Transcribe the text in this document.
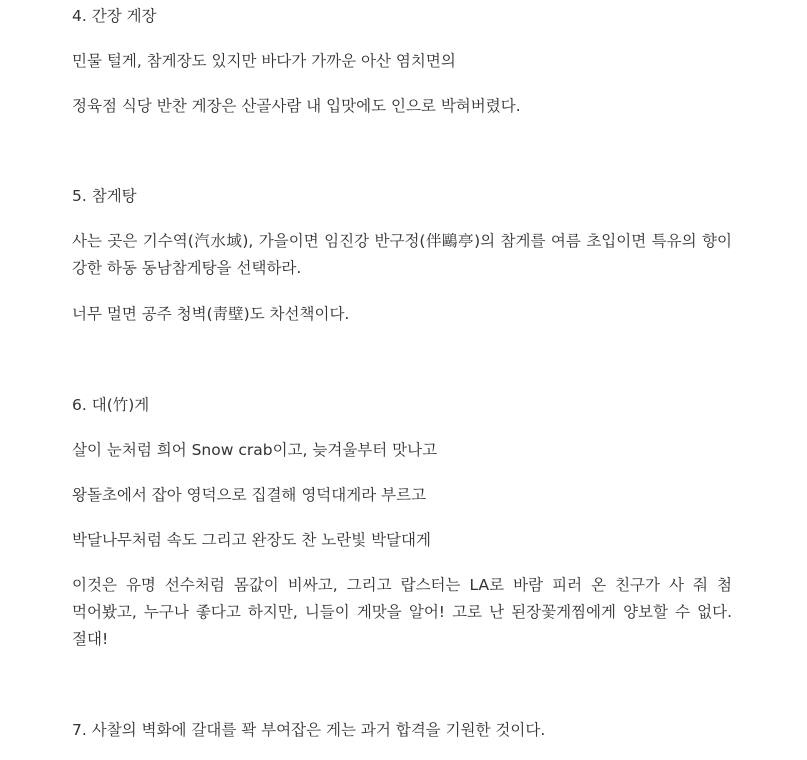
4. 간장 게장
민물 털게, 참게장도 있지만 바다가 가까운 아산 염치면의
정육점 식당 반찬 게장은 산골사람 내 입맛에도 인으로 박혀버렸다.
5. 참게탕
사는 곳은 기수역(汽水域), 가을이면 임진강 반구정(伴鷗亭)의 참게를 여름 초입이면 특유의 향이 강한 하동 동남참게탕을 선택하라.
너무 멀면 공주 청벽(靑壁)도 차선책이다.
6. 대(竹)게
살이 눈처럼 희어 Snow crab이고, 늦겨울부터 맛나고
왕돌초에서 잡아 영덕으로 집결해 영덕대게라 부르고
박달나무처럼 속도 그리고 완장도 찬 노란빛 박달대게
이것은 유명 선수처럼 몸값이 비싸고, 그리고 랍스터는 LA로 바람 피러 온 친구가 사 줘 첨 먹어봤고, 누구나 좋다고 하지만, 니들이 게맛을 알어! 고로 난 된장꽃게찜에게 양보할 수 없다. 절대!
7. 사찰의 벽화에 갈대를 꽉 부여잡은 게는 과거 합격을 기원한 것이다.
